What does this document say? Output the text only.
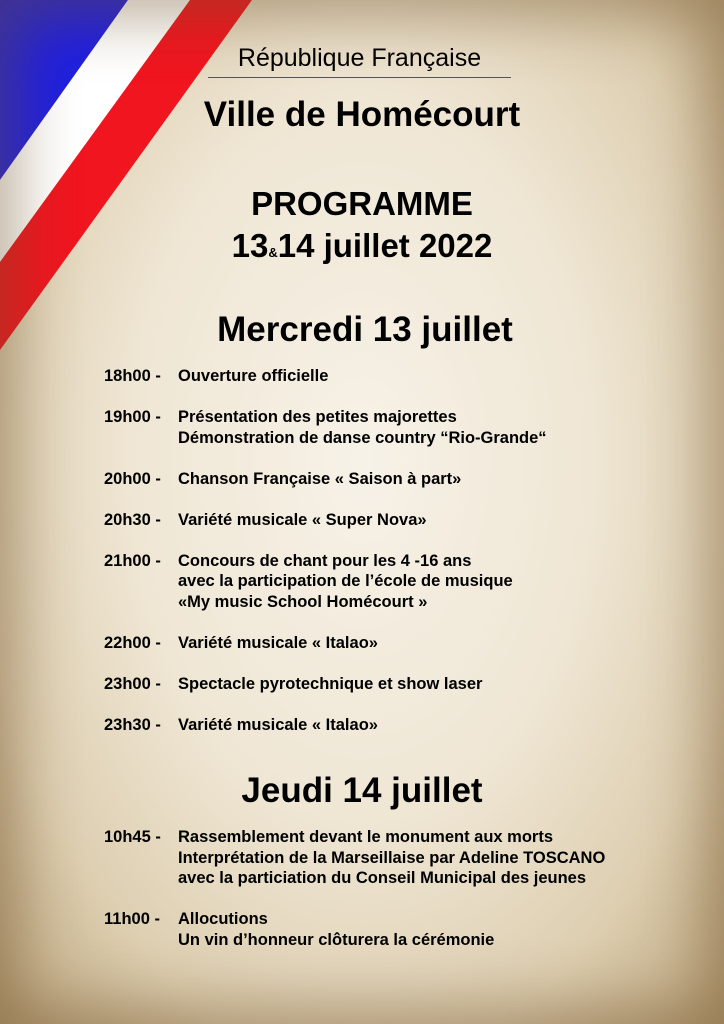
République Française
Ville de Homécourt
PROGRAMME
13&14 juillet 2022
Mercredi 13 juillet
18h00 - Ouverture officielle
19h00 - Présentation des petites majorettes
Démonstration de danse country “Rio-Grande“
20h00 - Chanson Française « Saison à part»
20h30 - Variété musicale « Super Nova»
21h00 - Concours de chant pour les 4 -16 ans
avec la participation de l’école de musique
«My music School Homécourt »
22h00 - Variété musicale « Italao»
23h00 - Spectacle pyrotechnique et show laser
23h30 - Variété musicale « Italao»
Jeudi 14 juillet
10h45 - Rassemblement devant le monument aux morts
Interprétation de la Marseillaise par Adeline TOSCANO
avec la particiation du Conseil Municipal des jeunes
11h00 - Allocutions
Un vin d’honneur clôturera la cérémonie
